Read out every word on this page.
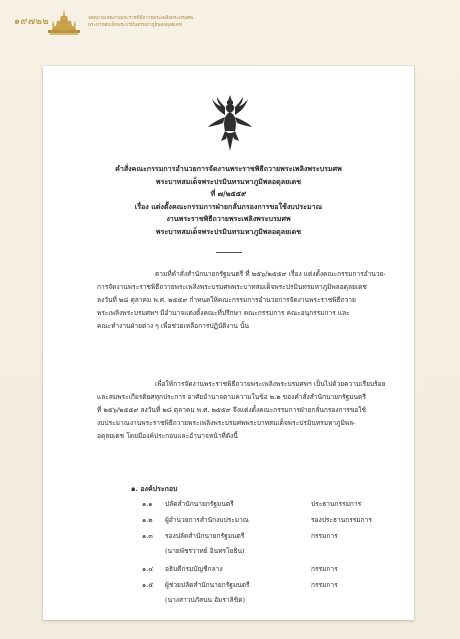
๑๙๗๒๒	จดหมายเหตุงานพระราชพิธีถวายพระเพลิงพระบรมศพ
พระบาทสมเด็จพระปรมินทรมหาภูมิพลอดุลยเดช
คำสั่งคณะกรรมการอำนวยการจัดงานพระราชพิธีถวายพระเพลิงพระบรมศพ
พระบาทสมเด็จพระปรมินทรมหาภูมิพลอดุลยเดช
ที่ ๗/๒๕๕๙
เรื่อง แต่งตั้งคณะกรรมการฝ่ายกลั่นกรองการขอใช้งบประมาณ
งานพระราชพิธีถวายพระเพลิงพระบรมศพ
พระบาทสมเด็จพระปรมินทรมหาภูมิพลอดุลยเดช
ตามที่คำสั่งสำนักนายกรัฐมนตรี ที่ ๒๕๖/๒๕๕๙ เรื่อง แต่งตั้งคณะกรรมการอำนวย-
การจัดงานพระราชพิธีถวายพระเพลิงพระบรมศพพระบาทสมเด็จพระปรมินทรมหาภูมิพลอดุลยเดช
ลงวันที่ ๒๘ ตุลาคม พ.ศ. ๒๕๕๙ กำหนดให้คณะกรรมการอำนวยการจัดงานพระราชพิธีถวาย
พระเพลิงพระบรมศพฯ มีอำนาจแต่งตั้งคณะที่ปรึกษา คณะกรรมการ คณะอนุกรรมการ และ
คณะทำงานฝ่ายต่าง ๆ เพื่อช่วยเหลือการปฏิบัติงาน นั้น
เพื่อให้การจัดงานพระราชพิธีถวายพระเพลิงพระบรมศพฯ เป็นไปด้วยความเรียบร้อย
และสมพระเกียรติยศทุกประการ อาศัยอำนาจตามความในข้อ ๒.๒ ของคำสั่งสำนักนายกรัฐมนตรี
ที่ ๒๕๖/๒๕๕๙ ลงวันที่ ๒๘ ตุลาคม พ.ศ. ๒๕๕๙ จึงแต่งตั้งคณะกรรมการฝ่ายกลั่นกรองการขอใช้
งบประมาณงานพระราชพิธีถวายพระเพลิงพระบรมศพพระบาทสมเด็จพระปรมินทรมหาภูมิพล-
อดุลยเดช โดยมีองค์ประกอบและอำนาจหน้าที่ดังนี้
๑. องค์ประกอบ
๑.๑ ปลัดสำนักนายกรัฐมนตรี	ประธานกรรมการ
๑.๒ ผู้อำนวยการสำนักงบประมาณ	รองประธานกรรมการ
๑.๓ รองปลัดสำนักนายกรัฐมนตรี	กรรมการ
(นายพัชรวาทย์ อินทรโยธิน)
๑.๔ อธิบดีกรมบัญชีกลาง	กรรมการ
๑.๕ ผู้ช่วยปลัดสำนักนายกรัฐมนตรี	กรรมการ
(นางสาวปภัสนน อัมราลิขิต)
